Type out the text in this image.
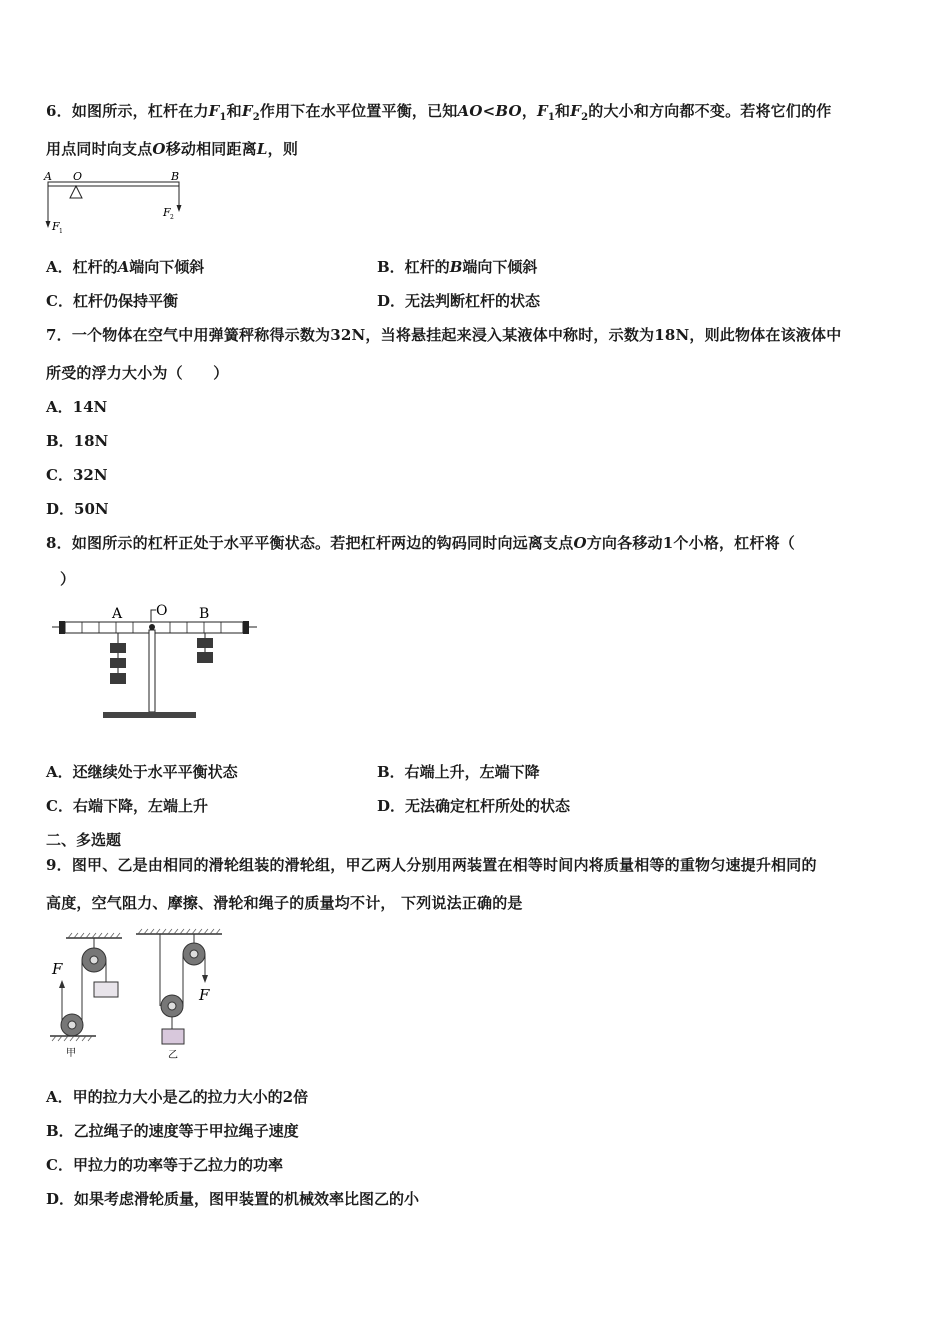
6．如图所示，杠杆在力$F_1$和$F_2$作用下在水平位置平衡，已知AO<BO，$F_1$和$F_2$的大小和方向都不变。若将它们的作
用点同时向支点O移动相同距离L，则
A O	B
F 1
F 2
A．杠杆的A端向下倾斜	B．杠杆的B端向下倾斜
C．杠杆仍保持平衡	D．无法判断杠杆的状态
7．一个物体在空气中用弹簧秤称得示数为32N，当将悬挂起来浸入某液体中称时，示数为18N，则此物体在该液体中
所受的浮力大小为（　　）
A．14N
B．18N
C．32N
D．50N
8．如图所示的杠杆正处于水平平衡状态。若把杠杆两边的钩码同时向远离支点O方向各移动1个小格，杠杆将（
）
A O B
A．还继续处于水平平衡状态	B．右端上升，左端下降
C．右端下降，左端上升	D．无法确定杠杆所处的状态
二、多选题
9．图甲、乙是由相同的滑轮组装的滑轮组，甲乙两人分别用两装置在相等时间内将质量相等的重物匀速提升相同的
高度，空气阻力、摩擦、滑轮和绳子的质量均不计， 下列说法正确的是
F
甲
F
乙
A．甲的拉力大小是乙的拉力大小的2倍
B．乙拉绳子的速度等于甲拉绳子速度
C．甲拉力的功率等于乙拉力的功率
D．如果考虑滑轮质量，图甲装置的机械效率比图乙的小
